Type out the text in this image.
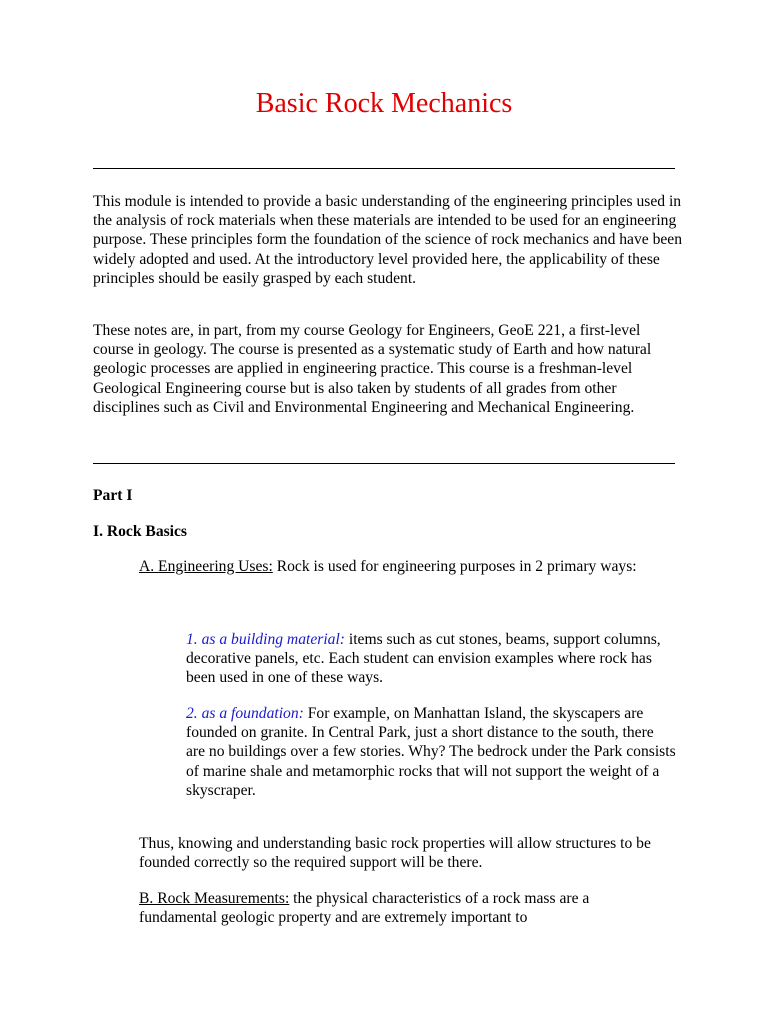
Basic Rock Mechanics

This module is intended to provide a basic understanding of the engineering principles used in the analysis of rock materials when these materials are intended to be used for an engineering purpose. These principles form the foundation of the science of rock mechanics and have been widely adopted and used. At the introductory level provided here, the applicability of these principles should be easily grasped by each student.

These notes are, in part, from my course Geology for Engineers, GeoE 221, a first-level course in geology. The course is presented as a systematic study of Earth and how natural geologic processes are applied in engineering practice. This course is a freshman-level Geological Engineering course but is also taken by students of all grades from other disciplines such as Civil and Environmental Engineering and Mechanical Engineering.

Part I

I. Rock Basics

A. Engineering Uses: Rock is used for engineering purposes in 2 primary ways:

1. as a building material: items such as cut stones, beams, support columns, decorative panels, etc. Each student can envision examples where rock has been used in one of these ways.

2. as a foundation: For example, on Manhattan Island, the skyscapers are founded on granite. In Central Park, just a short distance to the south, there are no buildings over a few stories. Why? The bedrock under the Park consists of marine shale and metamorphic rocks that will not support the weight of a skyscraper.

Thus, knowing and understanding basic rock properties will allow structures to be founded correctly so the required support will be there.

B. Rock Measurements: the physical characteristics of a rock mass are a fundamental geologic property and are extremely important to
